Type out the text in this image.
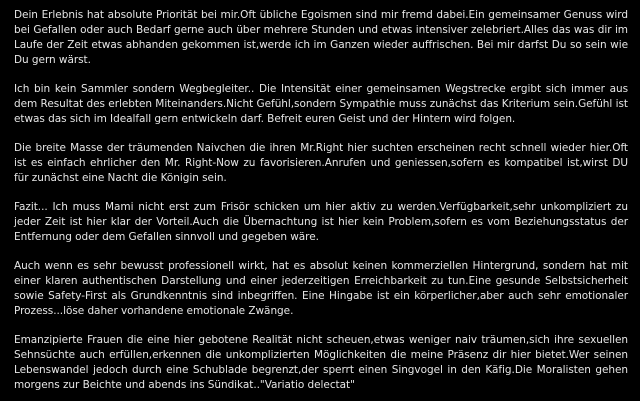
Dein Erlebnis hat absolute Priorität bei mir.Oft übliche Egoismen sind mir fremd dabei.Ein gemeinsamer Genuss wird bei Gefallen oder auch Bedarf gerne auch über mehrere Stunden und etwas intensiver zelebriert.Alles das was dir im Laufe der Zeit etwas abhanden gekommen ist,werde ich im Ganzen wieder auffrischen. Bei mir darfst Du so sein wie Du gern wärst.

Ich bin kein Sammler sondern Wegbegleiter.. Die Intensität einer gemeinsamen Wegstrecke ergibt sich immer aus dem Resultat des erlebten Miteinanders.Nicht Gefühl,sondern Sympathie muss zunächst das Kriterium sein.Gefühl ist etwas das sich im Idealfall gern entwickeln darf. Befreit euren Geist und der Hintern wird folgen.

Die breite Masse der träumenden Naivchen die ihren Mr.Right hier suchten erscheinen recht schnell wieder hier.Oft ist es einfach ehrlicher den Mr. Right-Now zu favorisieren.Anrufen und geniessen,sofern es kompatibel ist,wirst DU für zunächst eine Nacht die Königin sein.

Fazit... Ich muss Mami nicht erst zum Frisör schicken um hier aktiv zu werden.Verfügbarkeit,sehr unkompliziert zu jeder Zeit ist hier klar der Vorteil.Auch die Übernachtung ist hier kein Problem,sofern es vom Beziehungsstatus der Entfernung oder dem Gefallen sinnvoll und gegeben wäre.

Auch wenn es sehr bewusst professionell wirkt, hat es absolut keinen kommerziellen Hintergrund, sondern hat mit einer klaren authentischen Darstellung und einer jederzeitigen Erreichbarkeit zu tun.Eine gesunde Selbstsicherheit sowie Safety-First als Grundkenntnis sind inbegriffen. Eine Hingabe ist ein körperlicher,aber auch sehr emotionaler Prozess...löse daher vorhandene emotionale Zwänge.

Emanzipierte Frauen die eine hier gebotene Realität nicht scheuen,etwas weniger naiv träumen,sich ihre sexuellen Sehnsüchte auch erfüllen,erkennen die unkomplizierten Möglichkeiten die meine Präsenz dir hier bietet.Wer seinen Lebenswandel jedoch durch eine Schublade begrenzt,der sperrt einen Singvogel in den Käfig.Die Moralisten gehen morgens zur Beichte und abends ins Sündikat.."Variatio delectat"
